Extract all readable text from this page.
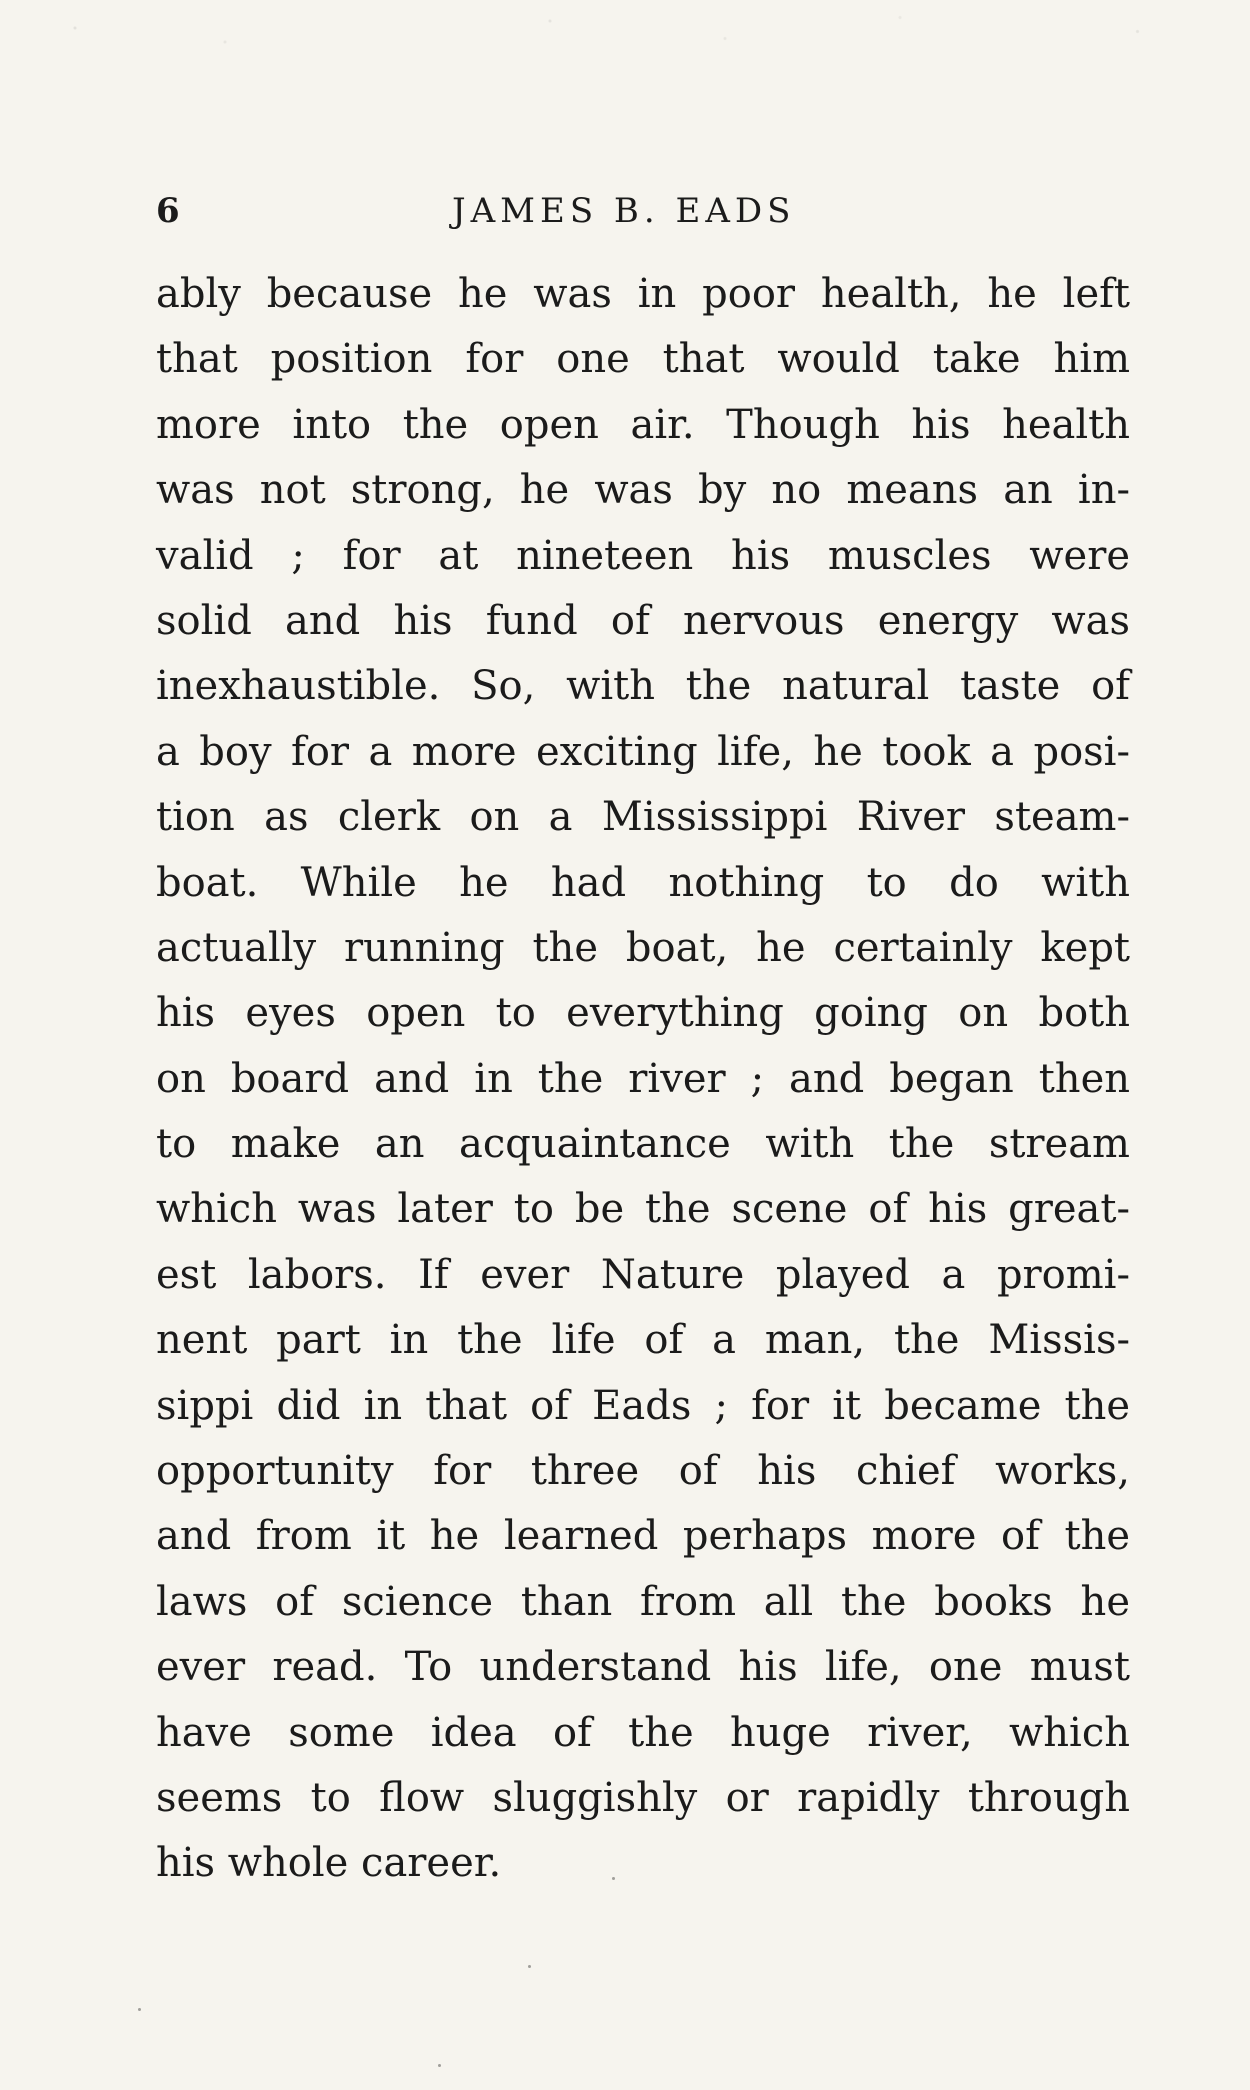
6	JAMES B. EADS
ably because he was in poor health, he left
that position for one that would take him
more into the open air. Though his health
was not strong, he was by no means an in-
valid ; for at nineteen his muscles were
solid and his fund of nervous energy was
inexhaustible. So, with the natural taste of
a boy for a more exciting life, he took a posi-
tion as clerk on a Mississippi River steam-
boat. While he had nothing to do with
actually running the boat, he certainly kept
his eyes open to everything going on both
on board and in the river ; and began then
to make an acquaintance with the stream
which was later to be the scene of his great-
est labors. If ever Nature played a promi-
nent part in the life of a man, the Missis-
sippi did in that of Eads ; for it became the
opportunity for three of his chief works,
and from it he learned perhaps more of the
laws of science than from all the books he
ever read. To understand his life, one must
have some idea of the huge river, which
seems to flow sluggishly or rapidly through
his whole career.
